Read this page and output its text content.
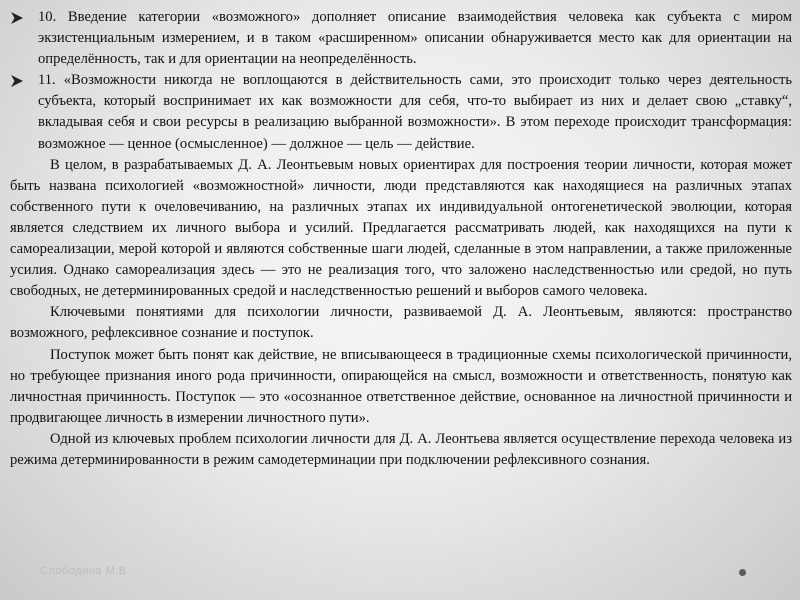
10. Введение категории «возможного» дополняет описание взаимодействия человека как субъекта с миром экзистенциальным измерением, и в таком «расширенном» описании обнаруживается место как для ориентации на определённость, так и для ориентации на неопределённость.

11. «Возможности никогда не воплощаются в действительность сами, это происходит только через деятельность субъекта, который воспринимает их как возможности для себя, что-то выбирает из них и делает свою „ставку“, вкладывая себя и свои ресурсы в реализацию выбранной возможности». В этом переходе происходит трансформация: возможное — ценное (осмысленное) — должное — цель — действие.

В целом, в разрабатываемых Д. А. Леонтьевым новых ориентирах для построения теории личности, которая может быть названа психологией «возможностной» личности, люди представляются как находящиеся на различных этапах собственного пути к очеловечиванию, на различных этапах их индивидуальной онтогенетической эволюции, которая является следствием их личного выбора и усилий. Предлагается рассматривать людей, как находящихся на пути к самореализации, мерой которой и являются собственные шаги людей, сделанные в этом направлении, а также приложенные усилия. Однако самореализация здесь — это не реализация того, что заложено наследственностью или средой, но путь свободных, не детерминированных средой и наследственностью решений и выборов самого человека.

Ключевыми понятиями для психологии личности, развиваемой Д. А. Леонтьевым, являются: пространство возможного, рефлексивное сознание и поступок.

Поступок может быть понят как действие, не вписывающееся в традиционные схемы психологической причинности, но требующее признания иного рода причинности, опирающейся на смысл, возможности и ответственность, понятую как личностная причинность. Поступок — это «осознанное ответственное действие, основанное на личностной причинности и продвигающее личность в измерении личностного пути».

Одной из ключевых проблем психологии личности для Д. А. Леонтьева является осуществление перехода человека из режима детерминированности в режим самодетерминации при подключении рефлексивного сознания.

Слободина М.В.
